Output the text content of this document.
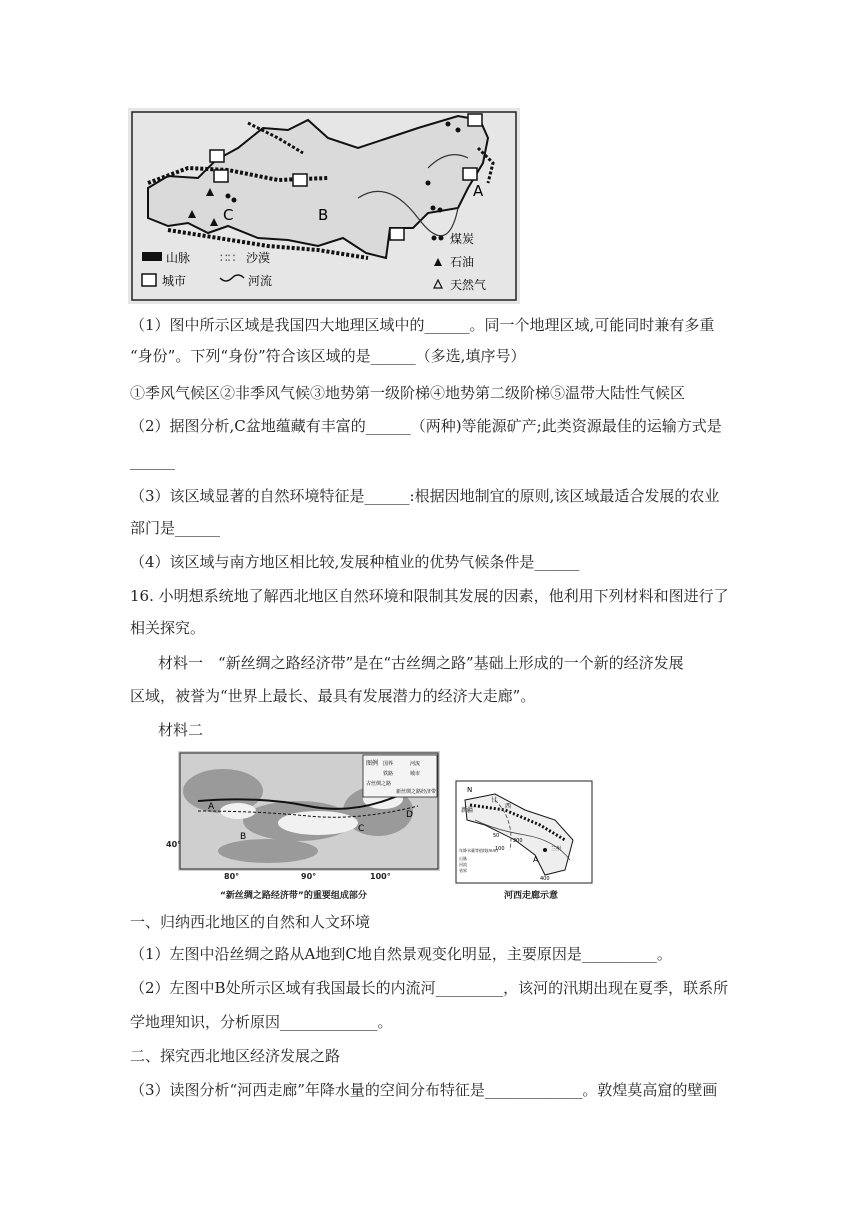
A
B
C
山脉 ∷∷ 沙漠
城市	河流
煤炭
石油
天然气
（1）图中所示区域是我国四大地理区域中的______。同一个地理区域,可能同时兼有多重
“身份”。下列“身份”符合该区域的是______（多选,填序号）
①季风气候区②非季风气候③地势第一级阶梯④地势第二级阶梯⑤温带大陆性气候区
（2）据图分析,C盆地蕴藏有丰富的______（两种)等能源矿产;此类资源最佳的运输方式是
______
（3）该区域显著的自然环境特征是______:根据因地制宜的原则,该区域最适合发展的农业
部门是______
（4）该区域与南方地区相比较,发展种植业的优势气候条件是______
16. 小明想系统地了解西北地区自然环境和限制其发展的因素，他利用下列材料和图进行了
相关探究。
材料一　“新丝绸之路经济带”是在“古丝绸之路”基础上形成的一个新的经济发展
区域，被誉为“世界上最长、最具有发展潜力的经济大走廊”。
材料二
图例 国界	河流
铁路	城市
古丝绸之路
新丝绸之路经济带
D
B
A
C
40°
80°	90°	100°
“新丝绸之路经济带”的重要组成部分
N
新疆
甘
西
A
兰州
50
200
100
400
年降水量等值线(mm)
山脉
河流
省界
河西走廊示意
一、归纳西北地区的自然和人文环境
（1）左图中沿丝绸之路从A地到C地自然景观变化明显，主要原因是__________。
（2）左图中B处所示区域有我国最长的内流河_________，该河的汛期出现在夏季，联系所
学地理知识，分析原因_____________。
二、探究西北地区经济发展之路
（3）读图分析“河西走廊”年降水量的空间分布特征是_____________。敦煌莫高窟的壁画
